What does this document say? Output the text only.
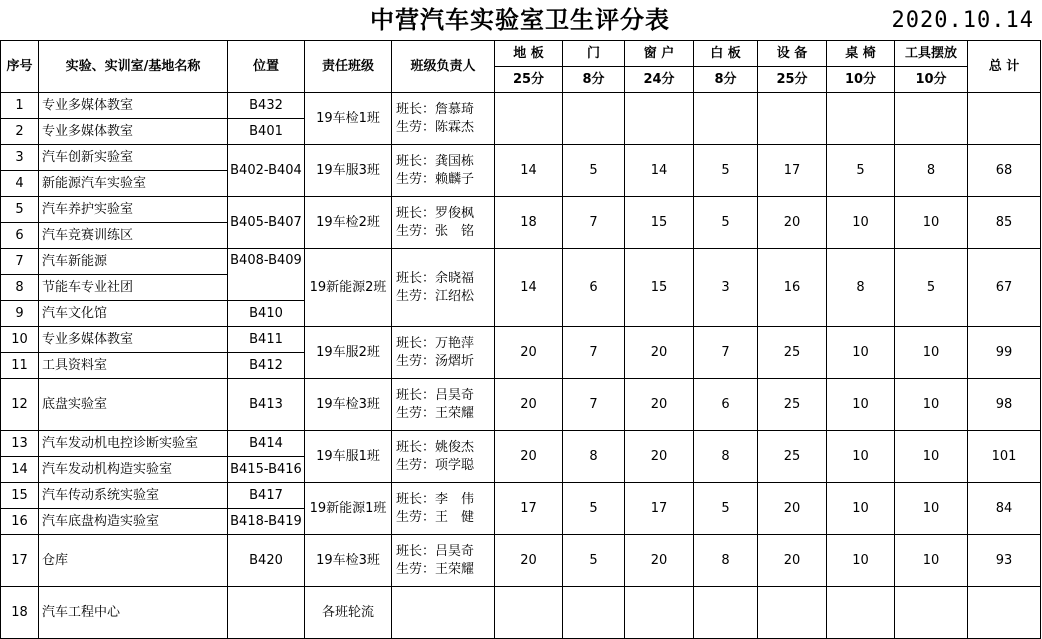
中营汽车实验室卫生评分表	2020.10.14
序号	实验、实训室/基地名称	位置	责任班级	班级负责人	地 板	门	窗 户	白 板	设 备	桌 椅	工具摆放	总 计
					25分	8分	24分	8分	25分	10分	10分	
1	专业多媒体教室	B432	19车检1班	班长：詹慕琦
生劳：陈霖杰								
2	专业多媒体教室	B401										
3	汽车创新实验室	B402-B404	19车服3班	班长：龚国栋
生劳：赖麟子	14	5	14	5	17	5	8	68
4	新能源汽车实验室											
5	汽车养护实验室	B405-B407	19车检2班	班长：罗俊枫
生劳：张　铭	18	7	15	5	20	10	10	85
6	汽车竞赛训练区											
7	汽车新能源	B408-B409	19新能源2班	班长：余晓福
生劳：江绍松	14	6	15	3	16	8	5	67
8	节能车专业社团											
9	汽车文化馆	B410										
10	专业多媒体教室	B411	19车服2班	班长：万艳萍
生劳：汤熠圻	20	7	20	7	25	10	10	99
11	工具资料室	B412										
12	底盘实验室	B413	19车检3班	班长：吕昊奇
生劳：王荣耀	20	7	20	6	25	10	10	98
13	汽车发动机电控诊断实验室	B414	19车服1班	班长：姚俊杰
生劳：项学聪	20	8	20	8	25	10	10	101
14	汽车发动机构造实验室	B415-B416										
15	汽车传动系统实验室	B417	19新能源1班	班长：李　伟
生劳：王　健	17	5	17	5	20	10	10	84
16	汽车底盘构造实验室	B418-B419										
17	仓库	B420	19车检3班	班长：吕昊奇
生劳：王荣耀	20	5	20	8	20	10	10	93
18	汽车工程中心		各班轮流									
